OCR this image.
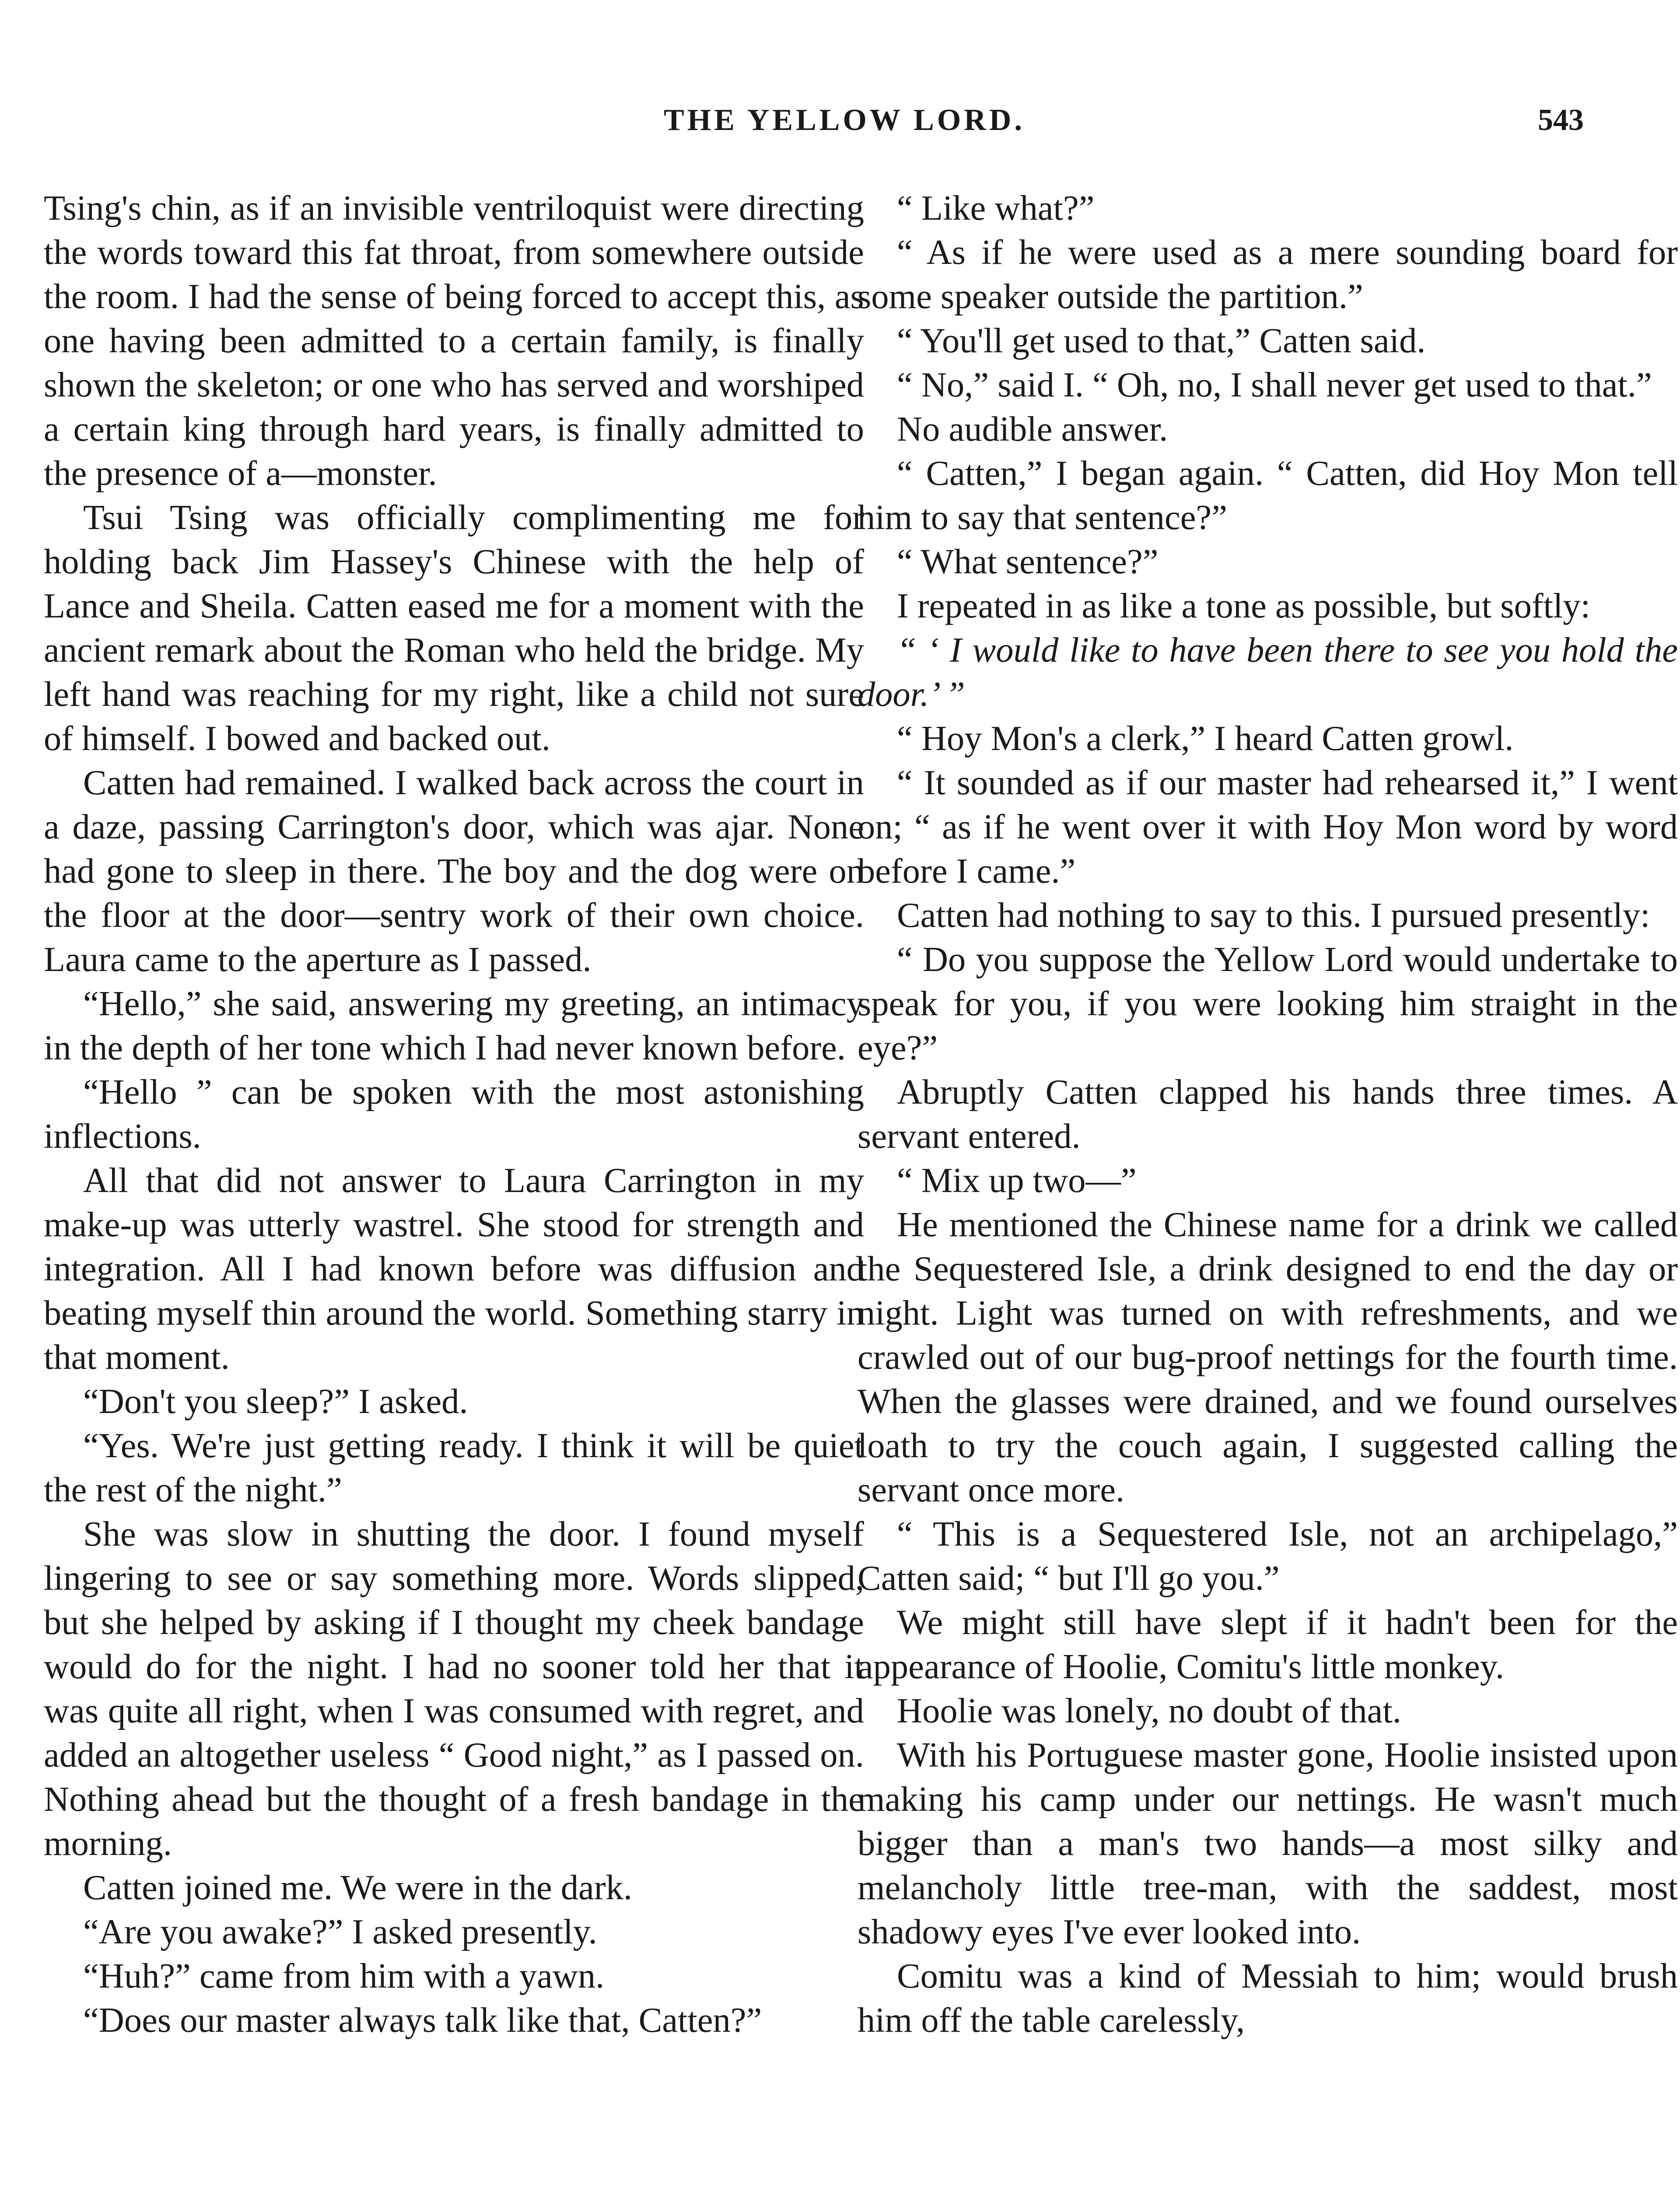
THE YELLOW LORD.	543

Tsing's chin, as if an invisible ventriloquist were directing the words toward this fat throat, from somewhere outside the room. I had the sense of being forced to accept this, as one having been admitted to a certain family, is finally shown the skeleton; or one who has served and worshiped a certain king through hard years, is finally admitted to the presence of a—monster.

Tsui Tsing was officially complimenting me for holding back Jim Hassey's Chinese with the help of Lance and Sheila. Catten eased me for a moment with the ancient remark about the Roman who held the bridge. My left hand was reaching for my right, like a child not sure of himself. I bowed and backed out.

Catten had remained. I walked back across the court in a daze, passing Carrington's door, which was ajar. None had gone to sleep in there. The boy and the dog were on the floor at the door—sentry work of their own choice. Laura came to the aperture as I passed.

“Hello,” she said, answering my greeting, an intimacy in the depth of her tone which I had never known before.

“Hello ” can be spoken with the most astonishing inflections.

All that did not answer to Laura Carrington in my make-up was utterly wastrel. She stood for strength and integration. All I had known before was diffusion and beating myself thin around the world. Something starry in that moment.

“Don't you sleep?” I asked.

“Yes. We're just getting ready. I think it will be quiet the rest of the night.”

She was slow in shutting the door. I found myself lingering to see or say something more. Words slipped, but she helped by asking if I thought my cheek bandage would do for the night. I had no sooner told her that it was quite all right, when I was consumed with regret, and added an altogether useless “ Good night,” as I passed on. Nothing ahead but the thought of a fresh bandage in the morning.

Catten joined me. We were in the dark.

“Are you awake?” I asked presently.

“Huh?” came from him with a yawn.

“Does our master always talk like that, Catten?”

“ Like what?”

“ As if he were used as a mere sounding board for some speaker outside the partition.”

“ You'll get used to that,” Catten said.

“ No,” said I. “ Oh, no, I shall never get used to that.”

No audible answer.

“ Catten,” I began again. “ Catten, did Hoy Mon tell him to say that sentence?”

“ What sentence?”

I repeated in as like a tone as possible, but softly:

“ ‘ I would like to have been there to see you hold the door.’ ”

“ Hoy Mon's a clerk,” I heard Catten growl.

“ It sounded as if our master had rehearsed it,” I went on; “ as if he went over it with Hoy Mon word by word before I came.”

Catten had nothing to say to this. I pursued presently:

“ Do you suppose the Yellow Lord would undertake to speak for you, if you were looking him straight in the eye?”

Abruptly Catten clapped his hands three times. A servant entered.

“ Mix up two—”

He mentioned the Chinese name for a drink we called the Sequestered Isle, a drink designed to end the day or night. Light was turned on with refreshments, and we crawled out of our bug-proof nettings for the fourth time. When the glasses were drained, and we found ourselves loath to try the couch again, I suggested calling the servant once more.

“ This is a Sequestered Isle, not an archipelago,” Catten said; “ but I'll go you.”

We might still have slept if it hadn't been for the appearance of Hoolie, Comitu's little monkey.

Hoolie was lonely, no doubt of that.

With his Portuguese master gone, Hoolie insisted upon making his camp under our nettings. He wasn't much bigger than a man's two hands—a most silky and melancholy little tree-man, with the saddest, most shadowy eyes I've ever looked into.

Comitu was a kind of Messiah to him; would brush him off the table carelessly,
